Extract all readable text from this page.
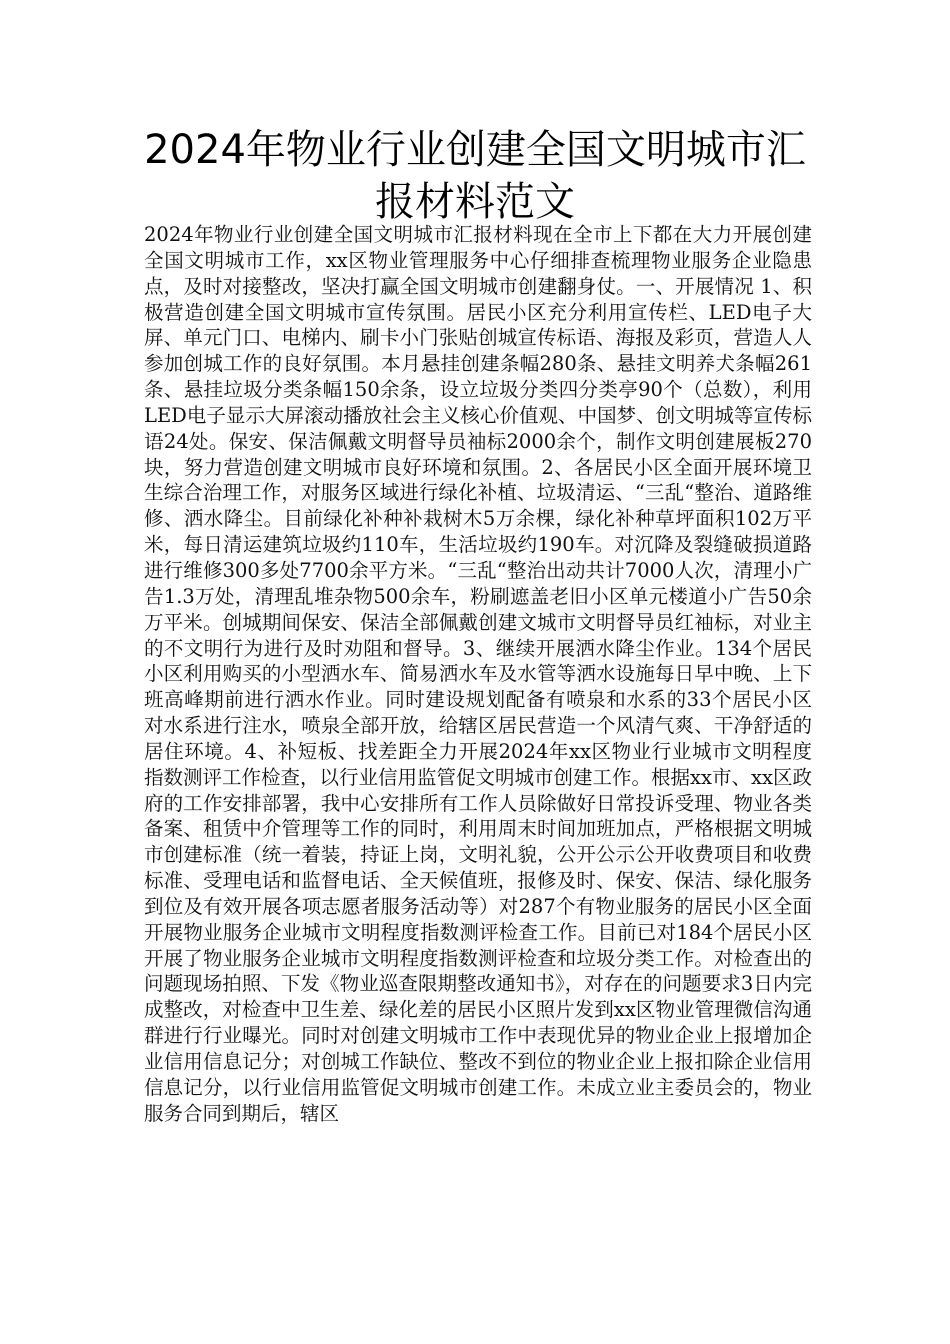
2024年物业行业创建全国文明城市汇报材料范文

2024年物业行业创建全国文明城市汇报材料现在全市上下都在大力开展创建全国文明城市工作，xx区物业管理服务中心仔细排查梳理物业服务企业隐患点，及时对接整改，坚决打赢全国文明城市创建翻身仗。一、开展情况 1、积极营造创建全国文明城市宣传氛围。居民小区充分利用宣传栏、LED电子大屏、单元门口、电梯内、刷卡小门张贴创城宣传标语、海报及彩页，营造人人参加创城工作的良好氛围。本月悬挂创建条幅280条、悬挂文明养犬条幅261条、悬挂垃圾分类条幅150余条，设立垃圾分类四分类亭90个（总数），利用LED电子显示大屏滚动播放社会主义核心价值观、中国梦、创文明城等宣传标语24处。保安、保洁佩戴文明督导员袖标2000余个，制作文明创建展板270块，努力营造创建文明城市良好环境和氛围。2、各居民小区全面开展环境卫生综合治理工作，对服务区域进行绿化补植、垃圾清运、“三乱“整治、道路维修、洒水降尘。目前绿化补种补栽树木5万余棵，绿化补种草坪面积102万平米，每日清运建筑垃圾约110车，生活垃圾约190车。对沉降及裂缝破损道路进行维修300多处7700余平方米。“三乱“整治出动共计7000人次，清理小广告1.3万处，清理乱堆杂物500余车，粉刷遮盖老旧小区单元楼道小广告50余万平米。创城期间保安、保洁全部佩戴创建文城市文明督导员红袖标，对业主的不文明行为进行及时劝阻和督导。3、继续开展洒水降尘作业。134个居民小区利用购买的小型洒水车、简易洒水车及水管等洒水设施每日早中晚、上下班高峰期前进行洒水作业。同时建设规划配备有喷泉和水系的33个居民小区对水系进行注水，喷泉全部开放，给辖区居民营造一个风清气爽、干净舒适的居住环境。4、补短板、找差距全力开展2024年xx区物业行业城市文明程度指数测评工作检查，以行业信用监管促文明城市创建工作。根据xx市、xx区政府的工作安排部署，我中心安排所有工作人员除做好日常投诉受理、物业各类备案、租赁中介管理等工作的同时，利用周末时间加班加点，严格根据文明城市创建标准（统一着装，持证上岗，文明礼貌，公开公示公开收费项目和收费标准、受理电话和监督电话、全天候值班，报修及时、保安、保洁、绿化服务到位及有效开展各项志愿者服务活动等）对287个有物业服务的居民小区全面开展物业服务企业城市文明程度指数测评检查工作。目前已对184个居民小区开展了物业服务企业城市文明程度指数测评检查和垃圾分类工作。对检查出的问题现场拍照、下发《物业巡查限期整改通知书》，对存在的问题要求3日内完成整改，对检查中卫生差、绿化差的居民小区照片发到xx区物业管理微信沟通群进行行业曝光。同时对创建文明城市工作中表现优异的物业企业上报增加企业信用信息记分；对创城工作缺位、整改不到位的物业企业上报扣除企业信用信息记分，以行业信用监管促文明城市创建工作。未成立业主委员会的，物业服务合同到期后，辖区
